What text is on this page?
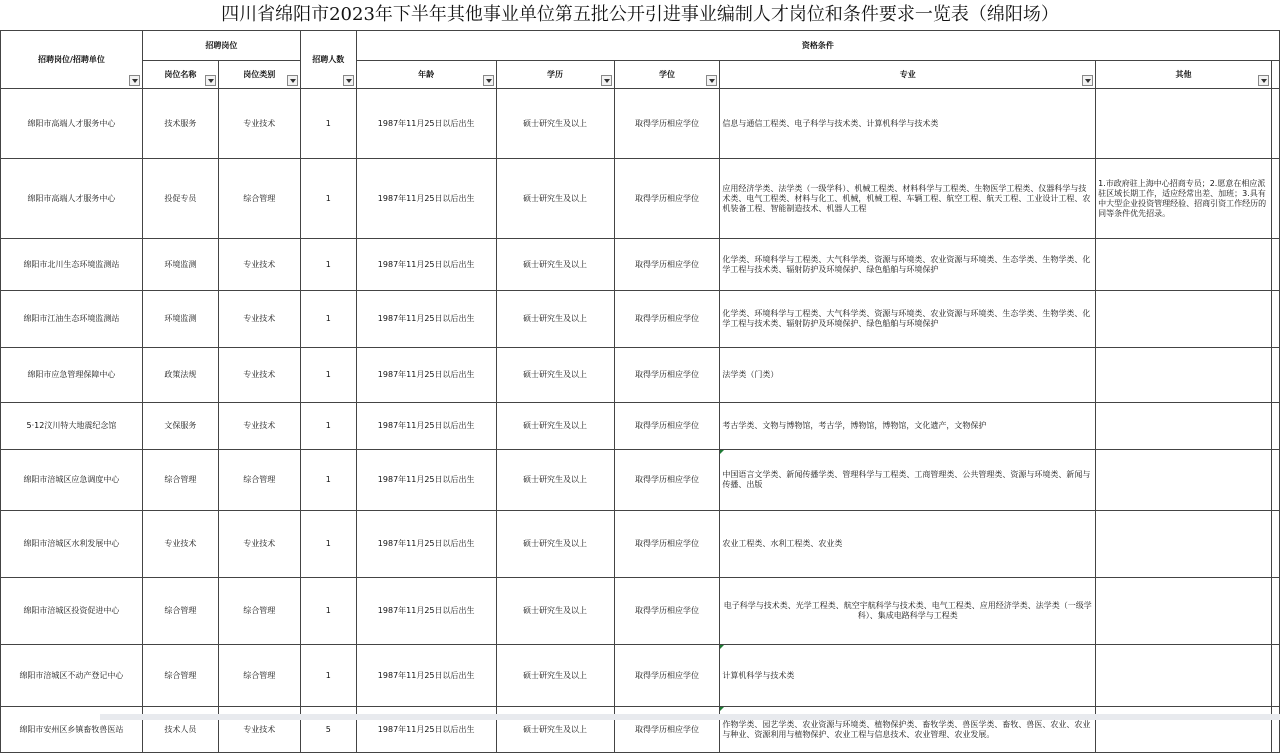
四川省绵阳市2023年下半年其他事业单位第五批公开引进事业编制人才岗位和条件要求一览表（绵阳场）
招聘岗位/招聘单位	招聘岗位		招聘人数	资格条件					
	岗位名称	岗位类别		年龄	学历	学位	专业	其他

绵阳市高端人才服务中心	技术服务	专业技术	1	1987年11月25日以后出生	硕士研究生及以上	取得学历相应学位	信息与通信工程类、电子科学与技术类、计算机科学与技术类		
绵阳市高端人才服务中心	投促专员	综合管理	1	1987年11月25日以后出生	硕士研究生及以上	取得学历相应学位	应用经济学类、法学类（一级学科）、机械工程类、材料科学与工程类、生物医学工程类、仪器科学与技术类、电气工程类、材料与化工、机械，机械工程、车辆工程、航空工程、航天工程、工业设计工程、农机装备工程、智能制造技术、机器人工程	1.市政府驻上海中心招商专员；2.愿意在相应派驻区域长期工作，适应经常出差、加班；3.具有中大型企业投资管理经验、招商引资工作经历的同等条件优先招录。	
绵阳市北川生态环境监测站	环境监测	专业技术	1	1987年11月25日以后出生	硕士研究生及以上	取得学历相应学位	化学类、环境科学与工程类、大气科学类、资源与环境类、农业资源与环境类、生态学类、生物学类、化学工程与技术类、辐射防护及环境保护、绿色船舶与环境保护		
绵阳市江油生态环境监测站	环境监测	专业技术	1	1987年11月25日以后出生	硕士研究生及以上	取得学历相应学位	化学类、环境科学与工程类、大气科学类、资源与环境类、农业资源与环境类、生态学类、生物学类、化学工程与技术类、辐射防护及环境保护、绿色船舶与环境保护		
绵阳市应急管理保障中心	政策法规	专业技术	1	1987年11月25日以后出生	硕士研究生及以上	取得学历相应学位	法学类（门类）		
5·12汶川特大地震纪念馆	文保服务	专业技术	1	1987年11月25日以后出生	硕士研究生及以上	取得学历相应学位	考古学类、文物与博物馆，考古学，博物馆，博物馆，文化遗产，文物保护		
绵阳市涪城区应急调度中心	综合管理	综合管理	1	1987年11月25日以后出生	硕士研究生及以上	取得学历相应学位	中国语言文学类、新闻传播学类、管理科学与工程类、工商管理类、公共管理类、资源与环境类、新闻与传播、出版		
绵阳市涪城区水利发展中心	专业技术	专业技术	1	1987年11月25日以后出生	硕士研究生及以上	取得学历相应学位	农业工程类、水利工程类、农业类		
绵阳市涪城区投资促进中心	综合管理	综合管理	1	1987年11月25日以后出生	硕士研究生及以上	取得学历相应学位	电子科学与技术类、光学工程类、航空宇航科学与技术类、电气工程类、应用经济学类、法学类（一级学科）、集成电路科学与工程类		
绵阳市涪城区不动产登记中心	综合管理	综合管理	1	1987年11月25日以后出生	硕士研究生及以上	取得学历相应学位	计算机科学与技术类		
绵阳市安州区乡镇畜牧兽医站	技术人员	专业技术	5	1987年11月25日以后出生	硕士研究生及以上	取得学历相应学位	作物学类、园艺学类、农业资源与环境类、植物保护类、畜牧学类、兽医学类、畜牧、兽医、农业、农业与种业、资源利用与植物保护、农业工程与信息技术、农业管理、农业发展。		
